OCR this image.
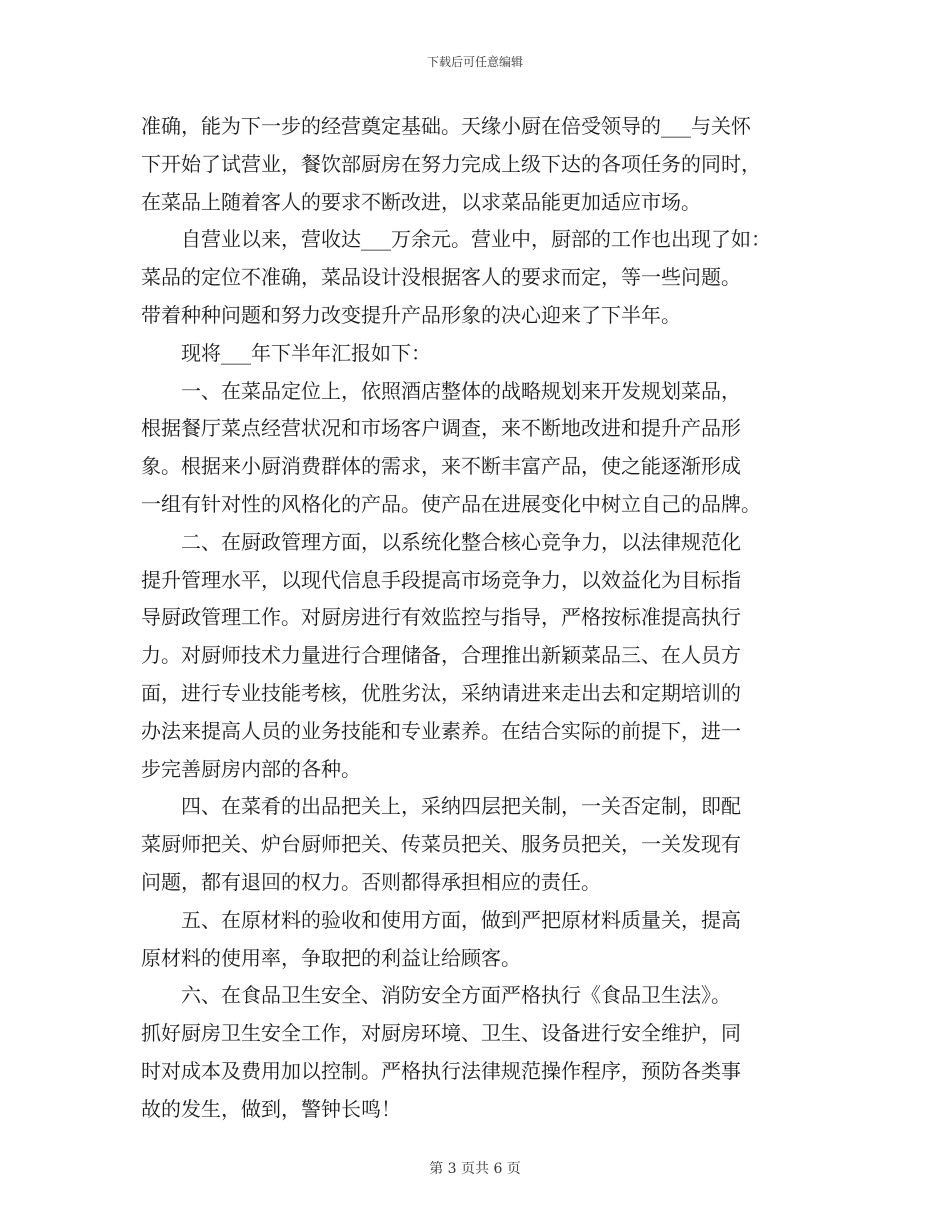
下载后可任意编辑
准确，能为下一步的经营奠定基础。天缘小厨在倍受领导的___与关怀
下开始了试营业，餐饮部厨房在努力完成上级下达的各项任务的同时，
在菜品上随着客人的要求不断改进，以求菜品能更加适应市场。
自营业以来，营收达___万余元。营业中，厨部的工作也出现了如：
菜品的定位不准确，菜品设计没根据客人的要求而定，等一些问题。
带着种种问题和努力改变提升产品形象的决心迎来了下半年。
现将___年下半年汇报如下：
一、在菜品定位上，依照酒店整体的战略规划来开发规划菜品，
根据餐厅菜点经营状况和市场客户调查，来不断地改进和提升产品形
象。根据来小厨消费群体的需求，来不断丰富产品，使之能逐渐形成
一组有针对性的风格化的产品。使产品在进展变化中树立自己的品牌。
二、在厨政管理方面，以系统化整合核心竞争力，以法律规范化
提升管理水平，以现代信息手段提高市场竞争力，以效益化为目标指
导厨政管理工作。对厨房进行有效监控与指导，严格按标准提高执行
力。对厨师技术力量进行合理储备，合理推出新颖菜品三、在人员方
面，进行专业技能考核，优胜劣汰，采纳请进来走出去和定期培训的
办法来提高人员的业务技能和专业素养。在结合实际的前提下，进一
步完善厨房内部的各种。
四、在菜肴的出品把关上，采纳四层把关制，一关否定制，即配
菜厨师把关、炉台厨师把关、传菜员把关、服务员把关，一关发现有
问题，都有退回的权力。否则都得承担相应的责任。
五、在原材料的验收和使用方面，做到严把原材料质量关，提高
原材料的使用率，争取把的利益让给顾客。
六、在食品卫生安全、消防安全方面严格执行《食品卫生法》。
抓好厨房卫生安全工作，对厨房环境、卫生、设备进行安全维护，同
时对成本及费用加以控制。严格执行法律规范操作程序，预防各类事
故的发生，做到，警钟长鸣！
第 3 页共 6 页
